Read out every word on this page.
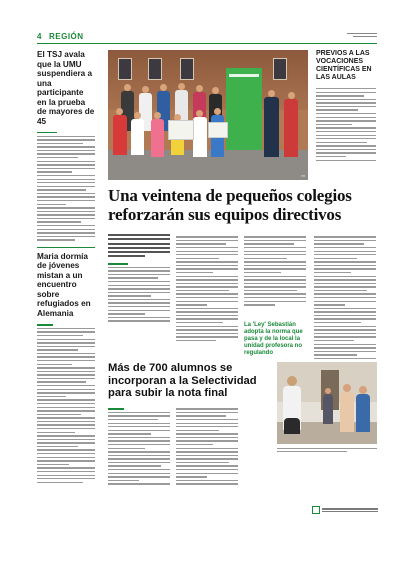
4 REGIÓN
El TSJ avala que la UMU suspendiera a una participante en la prueba de mayores de 45
Maria dormía de jóvenes mistan a un encuentro sobre refugiados en Alemania
▪▪▪
PREVIOS A LAS VOCACIONES CIENTÍFICAS EN LAS AULAS
Una veintena de pequeños colegios reforzarán sus equipos directivos
La 'Ley' Sebastián adopta la norma que pasa y de la local la unidad profesora no regulando
Más de 700 alumnos se incorporan a la Selectividad para subir la nota final
